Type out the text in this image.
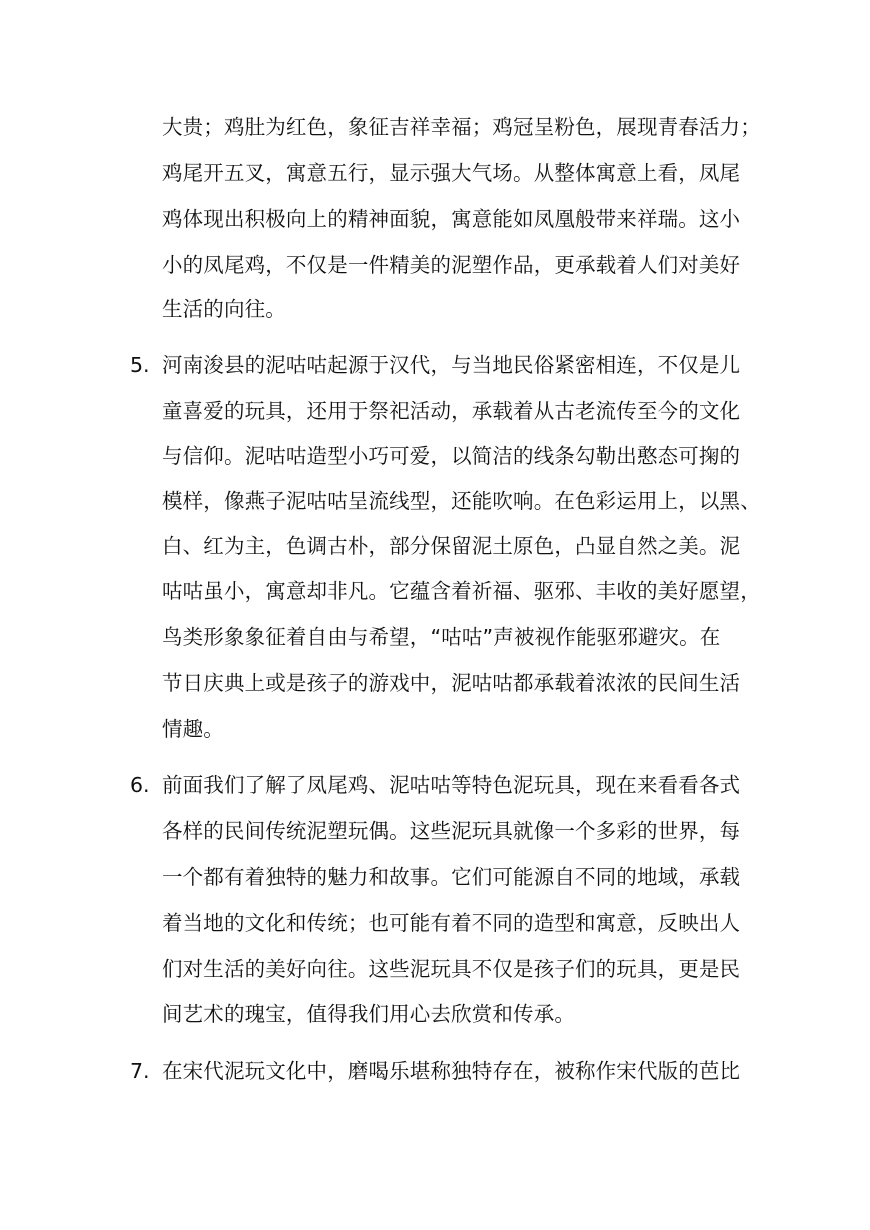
大贵；鸡肚为红色，象征吉祥幸福；鸡冠呈粉色，展现青春活力；
鸡尾开五叉，寓意五行，显示强大气场。从整体寓意上看，凤尾
鸡体现出积极向上的精神面貌，寓意能如凤凰般带来祥瑞。这小
小的凤尾鸡，不仅是一件精美的泥塑作品，更承载着人们对美好
生活的向往。
5. 河南浚县的泥咕咕起源于汉代，与当地民俗紧密相连，不仅是儿
童喜爱的玩具，还用于祭祀活动，承载着从古老流传至今的文化
与信仰。泥咕咕造型小巧可爱，以简洁的线条勾勒出憨态可掬的
模样，像燕子泥咕咕呈流线型，还能吹响。在色彩运用上，以黑、
白、红为主，色调古朴，部分保留泥土原色，凸显自然之美。泥
咕咕虽小，寓意却非凡。它蕴含着祈福、驱邪、丰收的美好愿望，
鸟类形象象征着自由与希望，“咕咕”声被视作能驱邪避灾。在
节日庆典上或是孩子的游戏中，泥咕咕都承载着浓浓的民间生活
情趣。
6. 前面我们了解了凤尾鸡、泥咕咕等特色泥玩具，现在来看看各式
各样的民间传统泥塑玩偶。这些泥玩具就像一个多彩的世界，每
一个都有着独特的魅力和故事。它们可能源自不同的地域，承载
着当地的文化和传统；也可能有着不同的造型和寓意，反映出人
们对生活的美好向往。这些泥玩具不仅是孩子们的玩具，更是民
间艺术的瑰宝，值得我们用心去欣赏和传承。
7. 在宋代泥玩文化中，磨喝乐堪称独特存在，被称作宋代版的芭比
